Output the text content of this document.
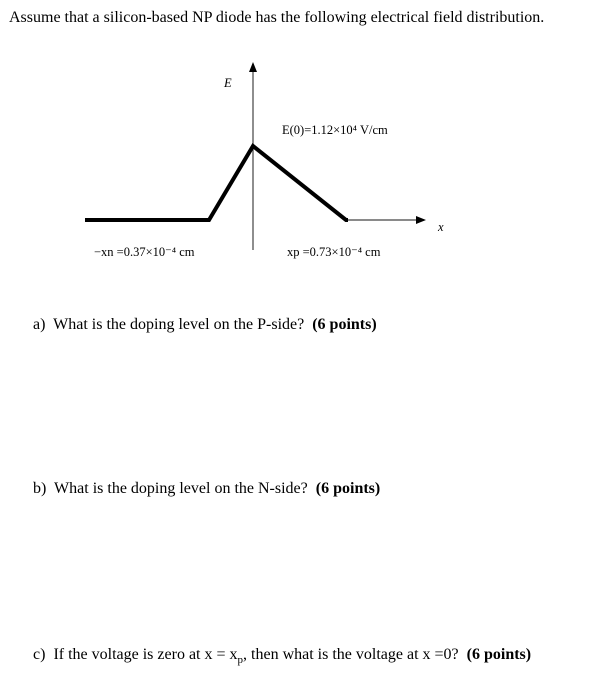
Assume that a silicon-based NP diode has the following electrical field distribution.
E
x
E(0)=1.12×10⁴ V/cm
−xn =0.37×10⁻⁴ cm	xp =0.73×10⁻⁴ cm
a) What is the doping level on the P-side? (6 points)
b) What is the doping level on the N-side? (6 points)
c) If the voltage is zero at $x = x_p$, then what is the voltage at x =0? (6 points)
